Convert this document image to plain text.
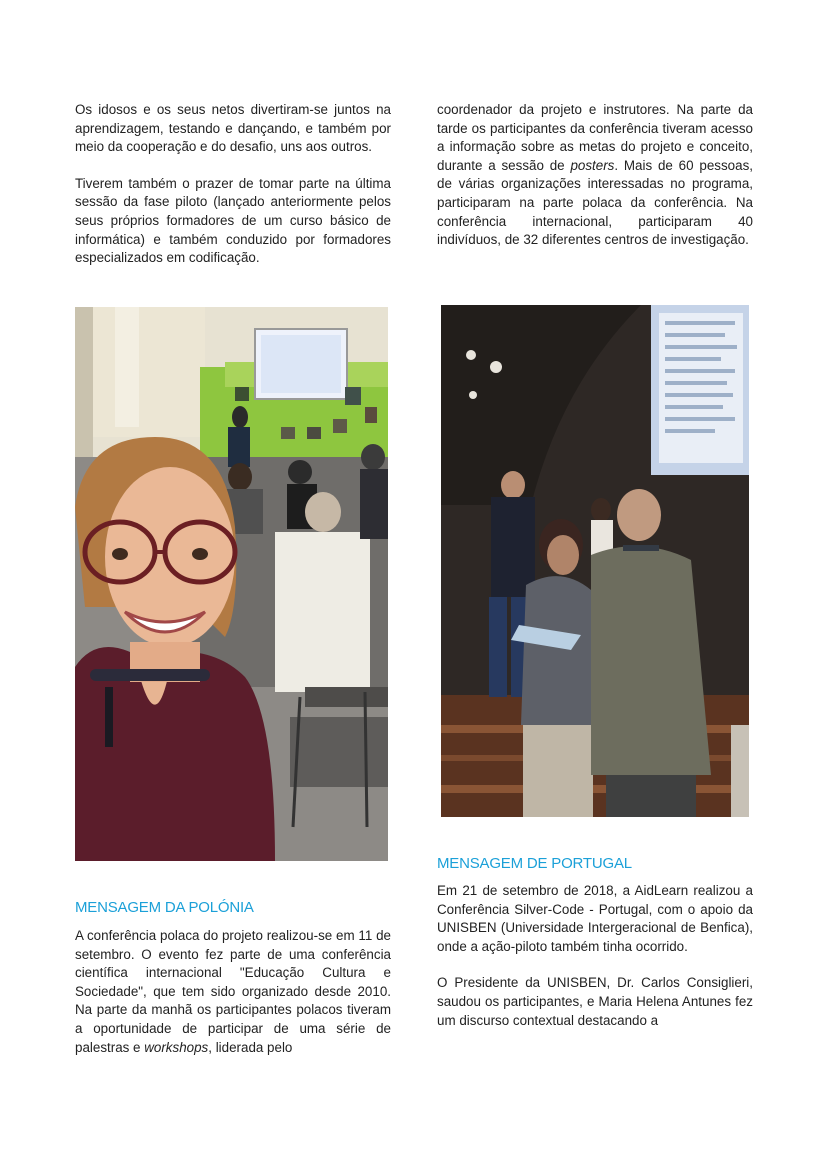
Os idosos e os seus netos divertiram-se juntos na aprendizagem, testando e dançando, e também por meio da cooperação e do desafio, uns aos outros.

Tiverem também o prazer de tomar parte na última sessão da fase piloto (lançado anteriormente pelos seus próprios formadores de um curso básico de informática) e também conduzido por formadores especializados em codificação.

coordenador da projeto e instrutores. Na parte da tarde os participantes da conferência tiveram acesso a informação sobre as metas do projeto e conceito, durante a sessão de posters. Mais de 60 pessoas, de várias organizações interessadas no programa, participaram na parte polaca da conferência. Na conferência internacional, participaram 40 indivíduos, de 32 diferentes centros de investigação.

MENSAGEM DA POLÓNIA

A conferência polaca do projeto realizou-se em 11 de setembro. O evento fez parte de uma conferência científica internacional "Educação Cultura e Sociedade", que tem sido organizado desde 2010. Na parte da manhã os participantes polacos tiveram a oportunidade de participar de uma série de palestras e workshops, liderada pelo

MENSAGEM DE PORTUGAL

Em 21 de setembro de 2018, a AidLearn realizou a Conferência Silver-Code - Portugal, com o apoio da UNISBEN (Universidade Intergeracional de Benfica), onde a ação-piloto também tinha ocorrido.

O Presidente da UNISBEN, Dr. Carlos Consiglieri, saudou os participantes, e Maria Helena Antunes fez um discurso contextual destacando a
